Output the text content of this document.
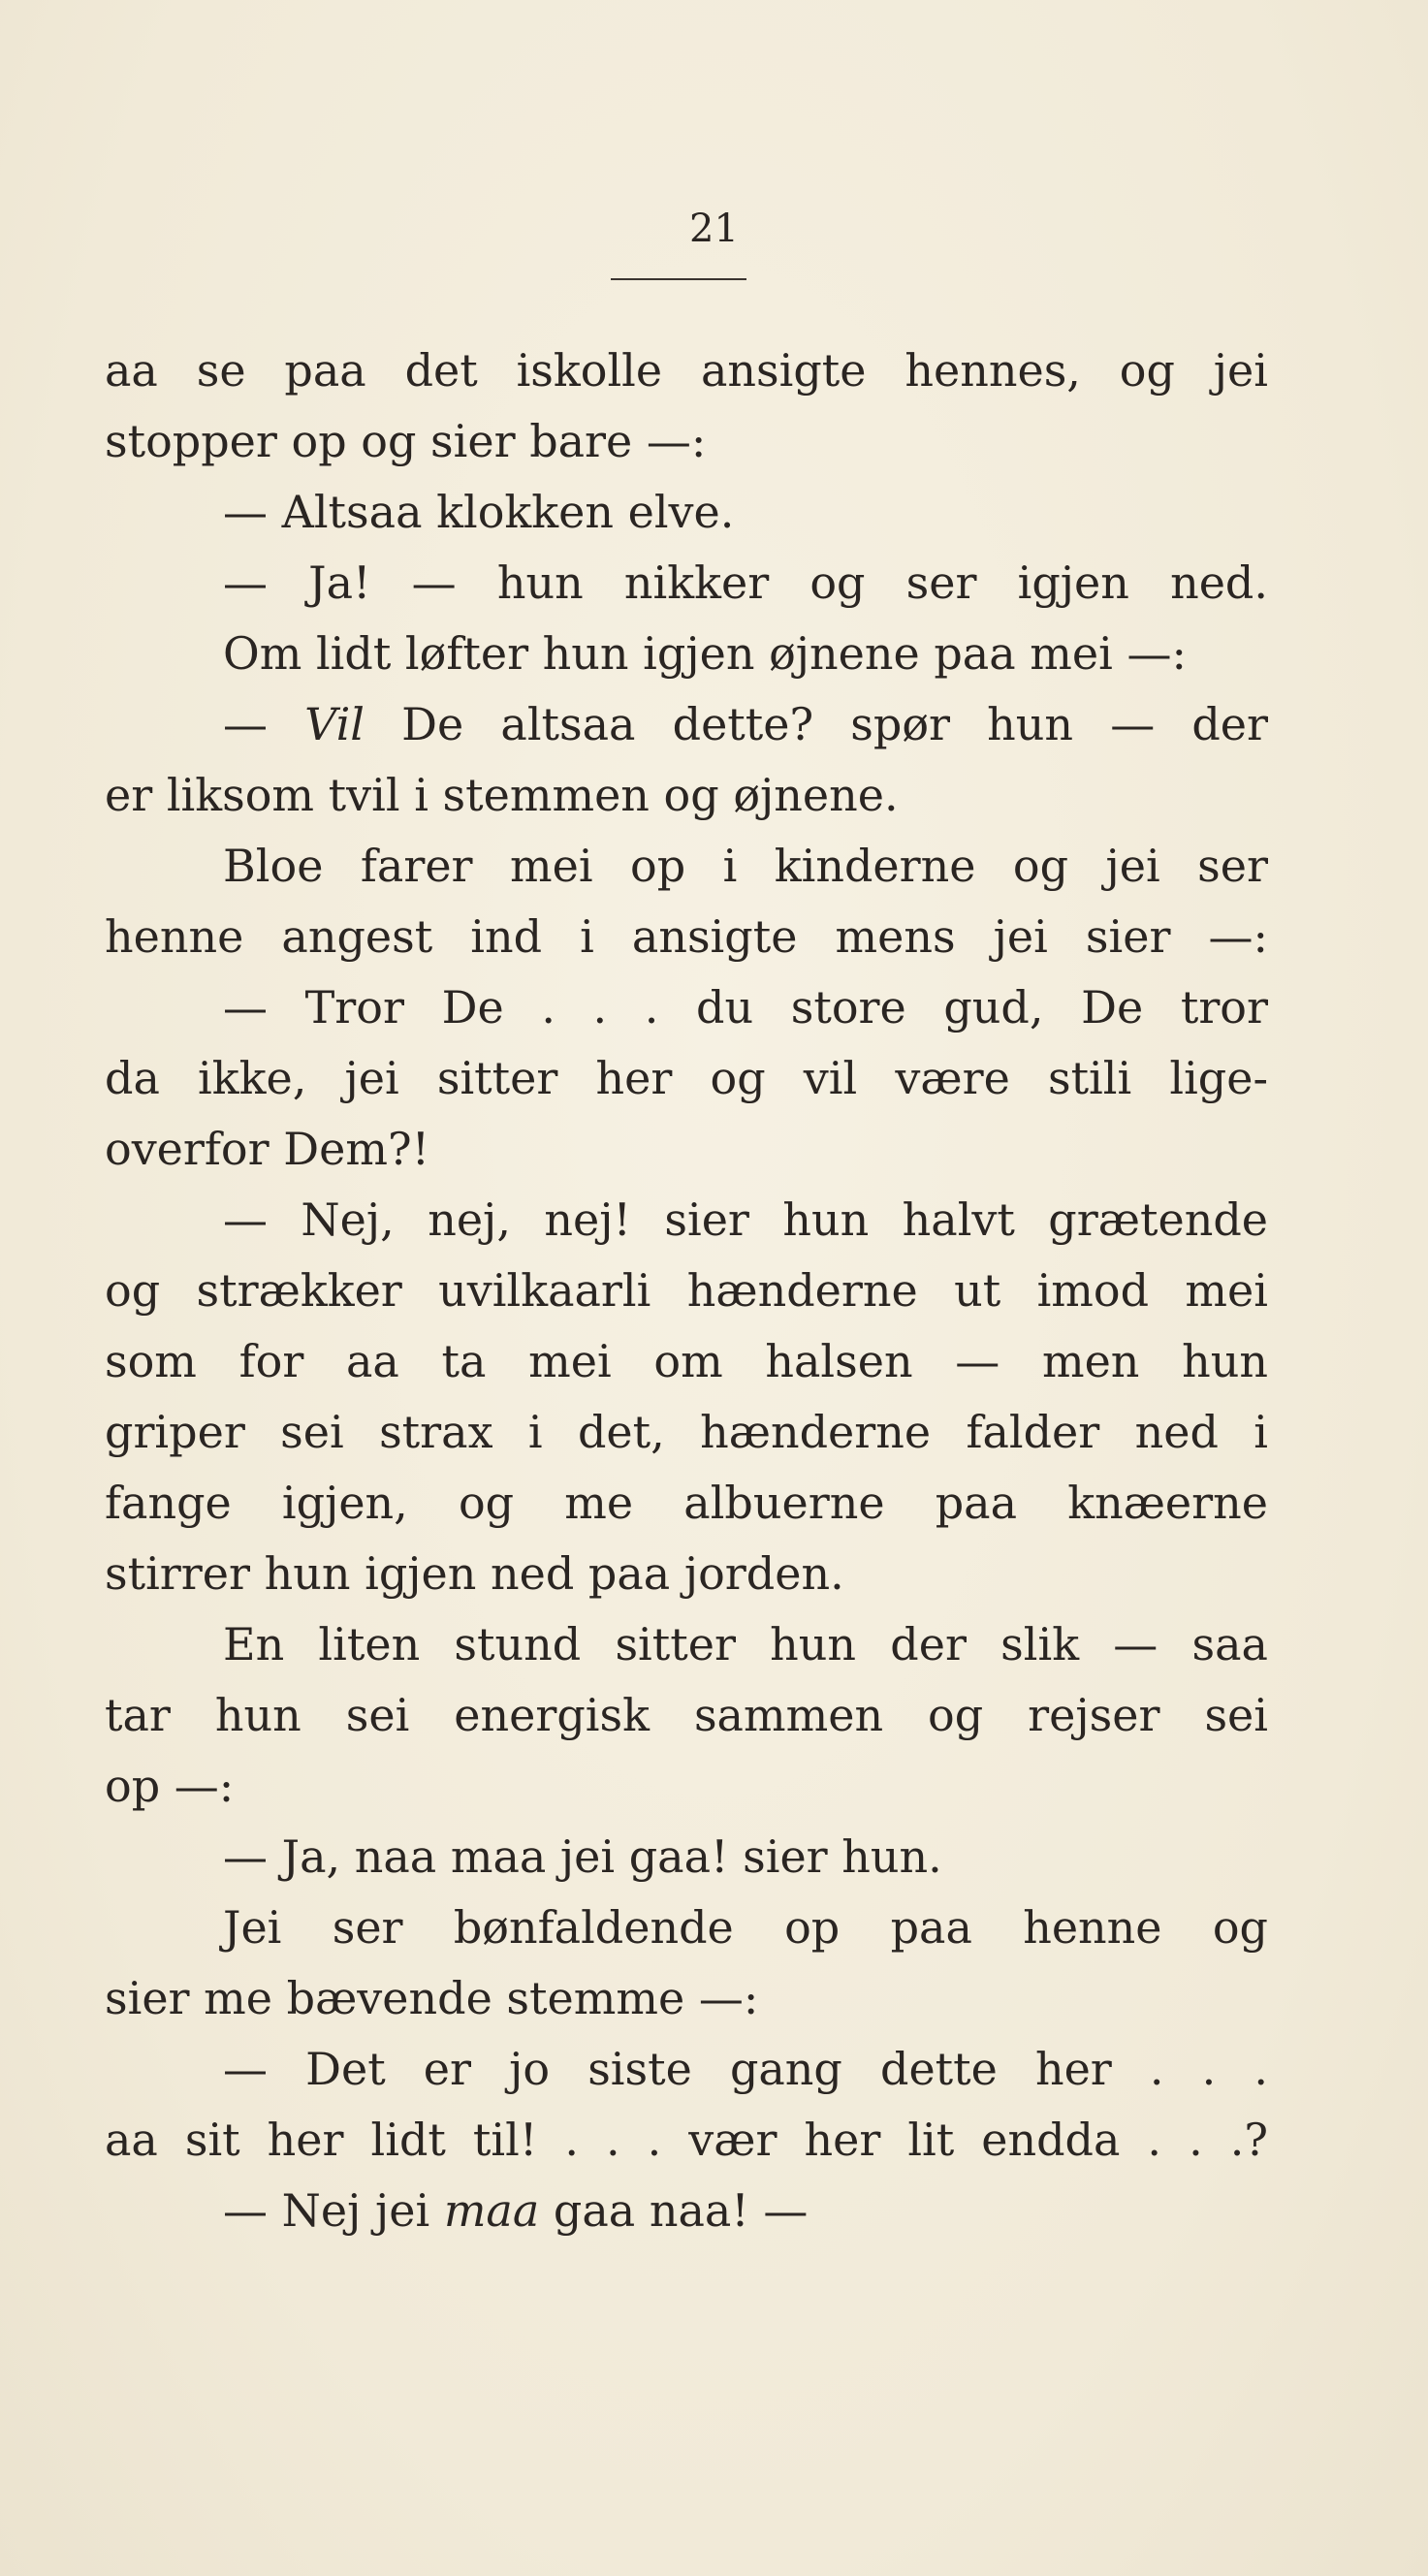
21
aa se paa det iskolle ansigte hennes, og jei
stopper op og sier bare —:
— Altsaa klokken elve.
— Ja! — hun nikker og ser igjen ned.
Om lidt løfter hun igjen øjnene paa mei —:
— Vil De altsaa dette? spør hun — der
er liksom tvil i stemmen og øjnene.
Bloe farer mei op i kinderne og jei ser
henne angest ind i ansigte mens jei sier —:
— Tror De . . . du store gud, De tror
da ikke, jei sitter her og vil være stili lige-
overfor Dem?!
— Nej, nej, nej! sier hun halvt grætende
og strækker uvilkaarli hænderne ut imod mei
som for aa ta mei om halsen — men hun
griper sei strax i det, hænderne falder ned i
fange igjen, og me albuerne paa knæerne
stirrer hun igjen ned paa jorden.
En liten stund sitter hun der slik — saa
tar hun sei energisk sammen og rejser sei
op —:
— Ja, naa maa jei gaa! sier hun.
Jei ser bønfaldende op paa henne og
sier me bævende stemme —:
— Det er jo siste gang dette her . . .
aa sit her lidt til! . . . vær her lit endda . . .?
— Nej jei maa gaa naa! —
